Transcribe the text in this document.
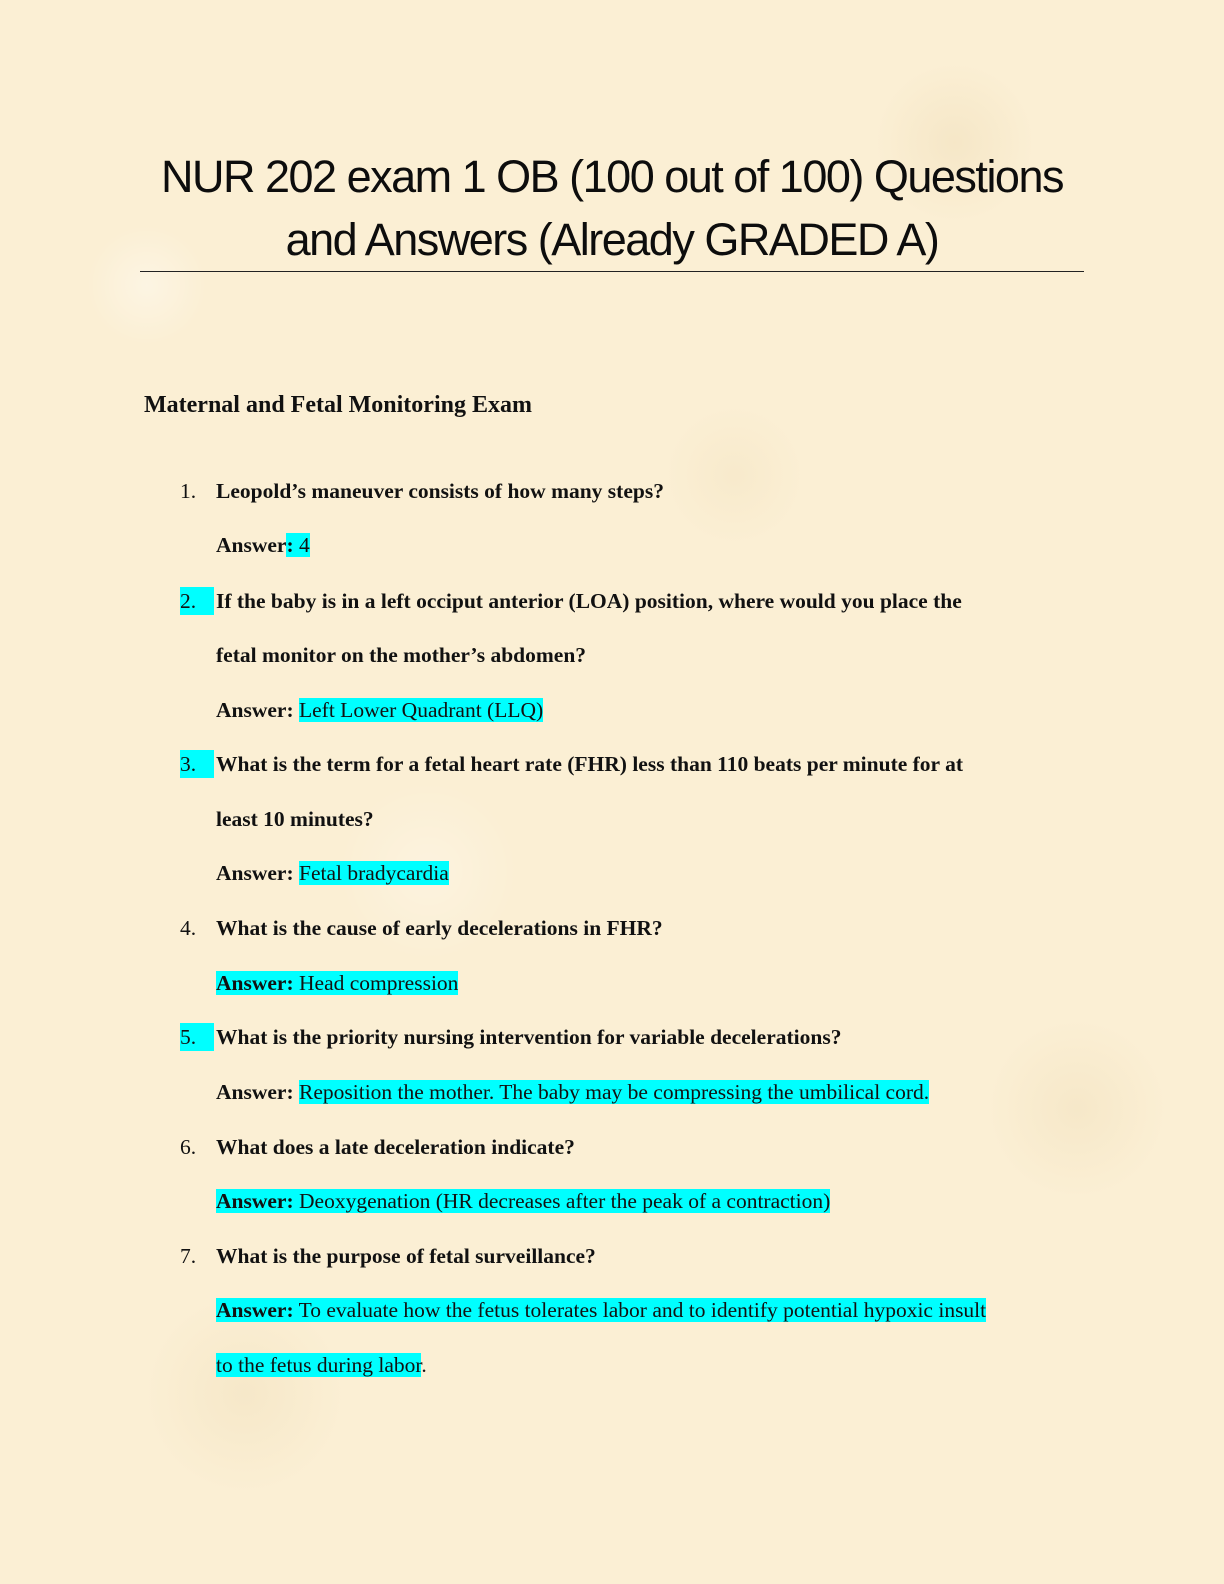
NUR 202 exam 1 OB (100 out of 100) Questions
and Answers (Already GRADED A)
Maternal and Fetal Monitoring Exam
1. Leopold’s maneuver consists of how many steps?
Answer: 4
2. If the baby is in a left occiput anterior (LOA) position, where would you place the
fetal monitor on the mother’s abdomen?
Answer: Left Lower Quadrant (LLQ)
3. What is the term for a fetal heart rate (FHR) less than 110 beats per minute for at
least 10 minutes?
Answer: Fetal bradycardia
4. What is the cause of early decelerations in FHR?
Answer: Head compression
5. What is the priority nursing intervention for variable decelerations?
Answer: Reposition the mother. The baby may be compressing the umbilical cord.
6. What does a late deceleration indicate?
Answer: Deoxygenation (HR decreases after the peak of a contraction)
7. What is the purpose of fetal surveillance?
Answer: To evaluate how the fetus tolerates labor and to identify potential hypoxic insult
to the fetus during labor.
